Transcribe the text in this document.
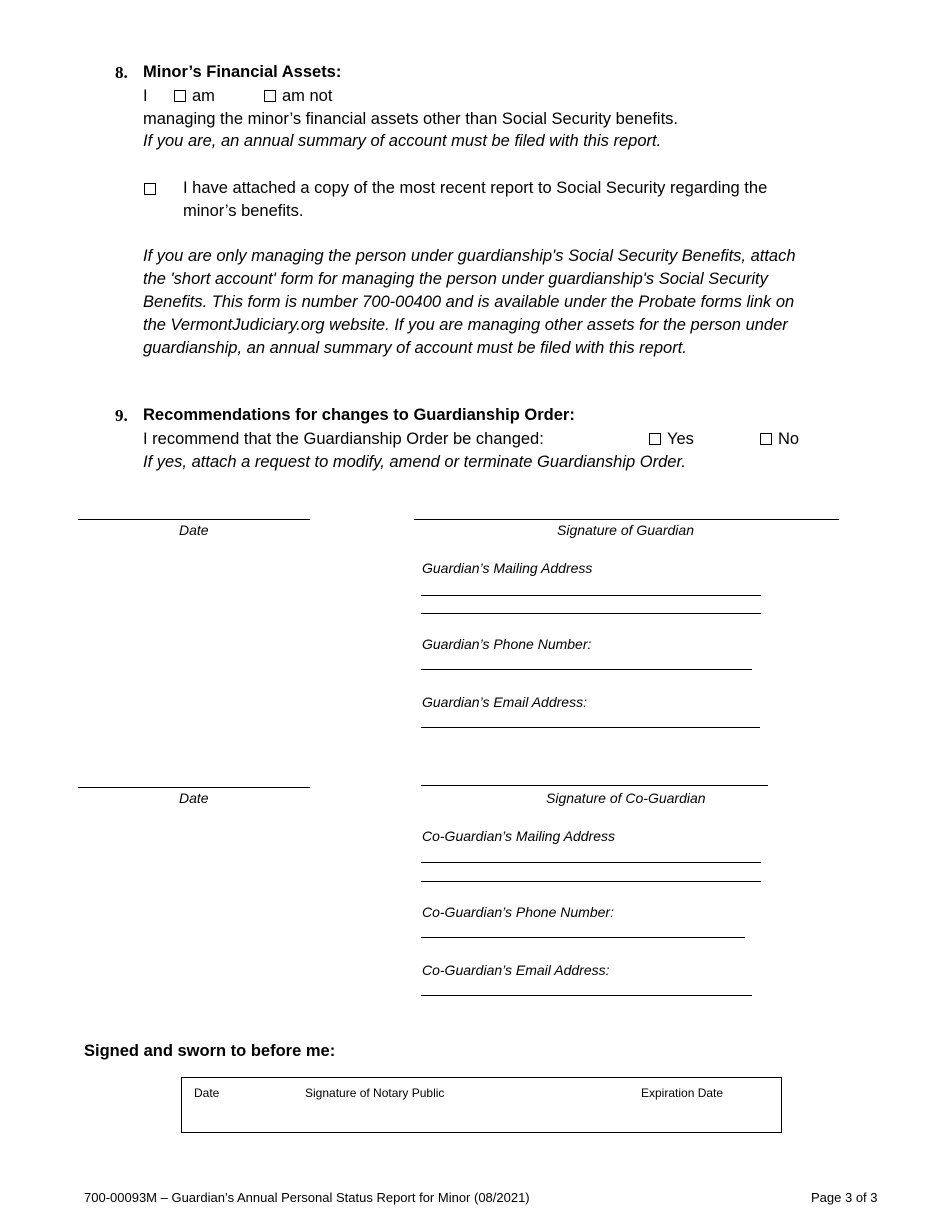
8. Minor’s Financial Assets:
I	am	am not
managing the minor’s financial assets other than Social Security benefits.
If you are, an annual summary of account must be filed with this report.
I have attached a copy of the most recent report to Social Security regarding the
minor’s benefits.
If you are only managing the person under guardianship's Social Security Benefits, attach
the 'short account' form for managing the person under guardianship's Social Security
Benefits. This form is number 700-00400 and is available under the Probate forms link on
the VermontJudiciary.org website. If you are managing other assets for the person under
guardianship, an annual summary of account must be filed with this report.
9. Recommendations for changes to Guardianship Order:
I recommend that the Guardianship Order be changed:	Yes	No
If yes, attach a request to modify, amend or terminate Guardianship Order.
Date	Signature of Guardian
Guardian’s Mailing Address
Guardian’s Phone Number:
Guardian’s Email Address:
Date	Signature of Co-Guardian
Co-Guardian’s Mailing Address
Co-Guardian’s Phone Number:
Co-Guardian’s Email Address:
Signed and sworn to before me:
Date	Signature of Notary Public	Expiration Date
700-00093M – Guardian’s Annual Personal Status Report for Minor (08/2021)	Page 3 of 3
